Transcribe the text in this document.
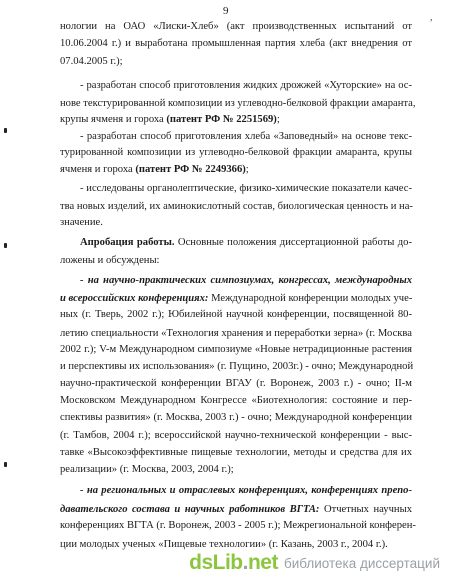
9
,
нологии на ОАО «Лиски-Хлеб» (акт производственных испытаний от
10.06.2004 г.) и выработана промышленная партия хлеба (акт внедрения от
07.04.2005 г.);
- разработан способ приготовления жидких дрожжей «Хуторские» на ос-
нове текстурированной композиции из углеводно-белковой фракции амаранта,
крупы ячменя и гороха (патент РФ № 2251569);
- разработан способ приготовления хлеба «Заповедный» на основе текс-
турированной композиции из углеводно-белковой фракции амаранта, крупы
ячменя и гороха (патент РФ № 2249366);
- исследованы органолептические, физико-химические показатели качес-
тва новых изделий, их аминокислотный состав, биологическая ценность и на-
значение.
Апробация работы. Основные положения диссертационной работы до-
ложены и обсуждены:
- на научно-практических симпозиумах, конгрессах, международных
и всероссийских конференциях: Международной конференции молодых уче-
ных (г. Тверь, 2002 г.); Юбилейной научной конференции, посвященной 80-
летию специальности «Технология хранения и переработки зерна» (г. Москва
2002 г.); V-м Международном симпозиуме «Новые нетрадиционные растения
и перспективы их использования» (г. Пущино, 2003г.) - очно; Международной
научно-практической конференции ВГАУ (г. Воронеж, 2003 г.) - очно; II-м
Московском Международном Конгрессе «Биотехнология: состояние и пер-
спективы развития» (г. Москва, 2003 г.) - очно; Международной конференции
(г. Тамбов, 2004 г.); всероссийской научно-технической конференции - выс-
тавке «Высокоэффективные пищевые технологии, методы и средства для их
реализации» (г. Москва, 2003, 2004 г.);
- на региональных и отраслевых конференциях, конференциях препо-
давательского состава и научных работников ВГТА: Отчетных научных
конференциях ВГТА (г. Воронеж, 2003 - 2005 г.); Межрегиональной конферен-
ции молодых ученых «Пищевые технологии» (г. Казань, 2003 г., 2004 г.).
dsLib.net библиотека диссертаций
